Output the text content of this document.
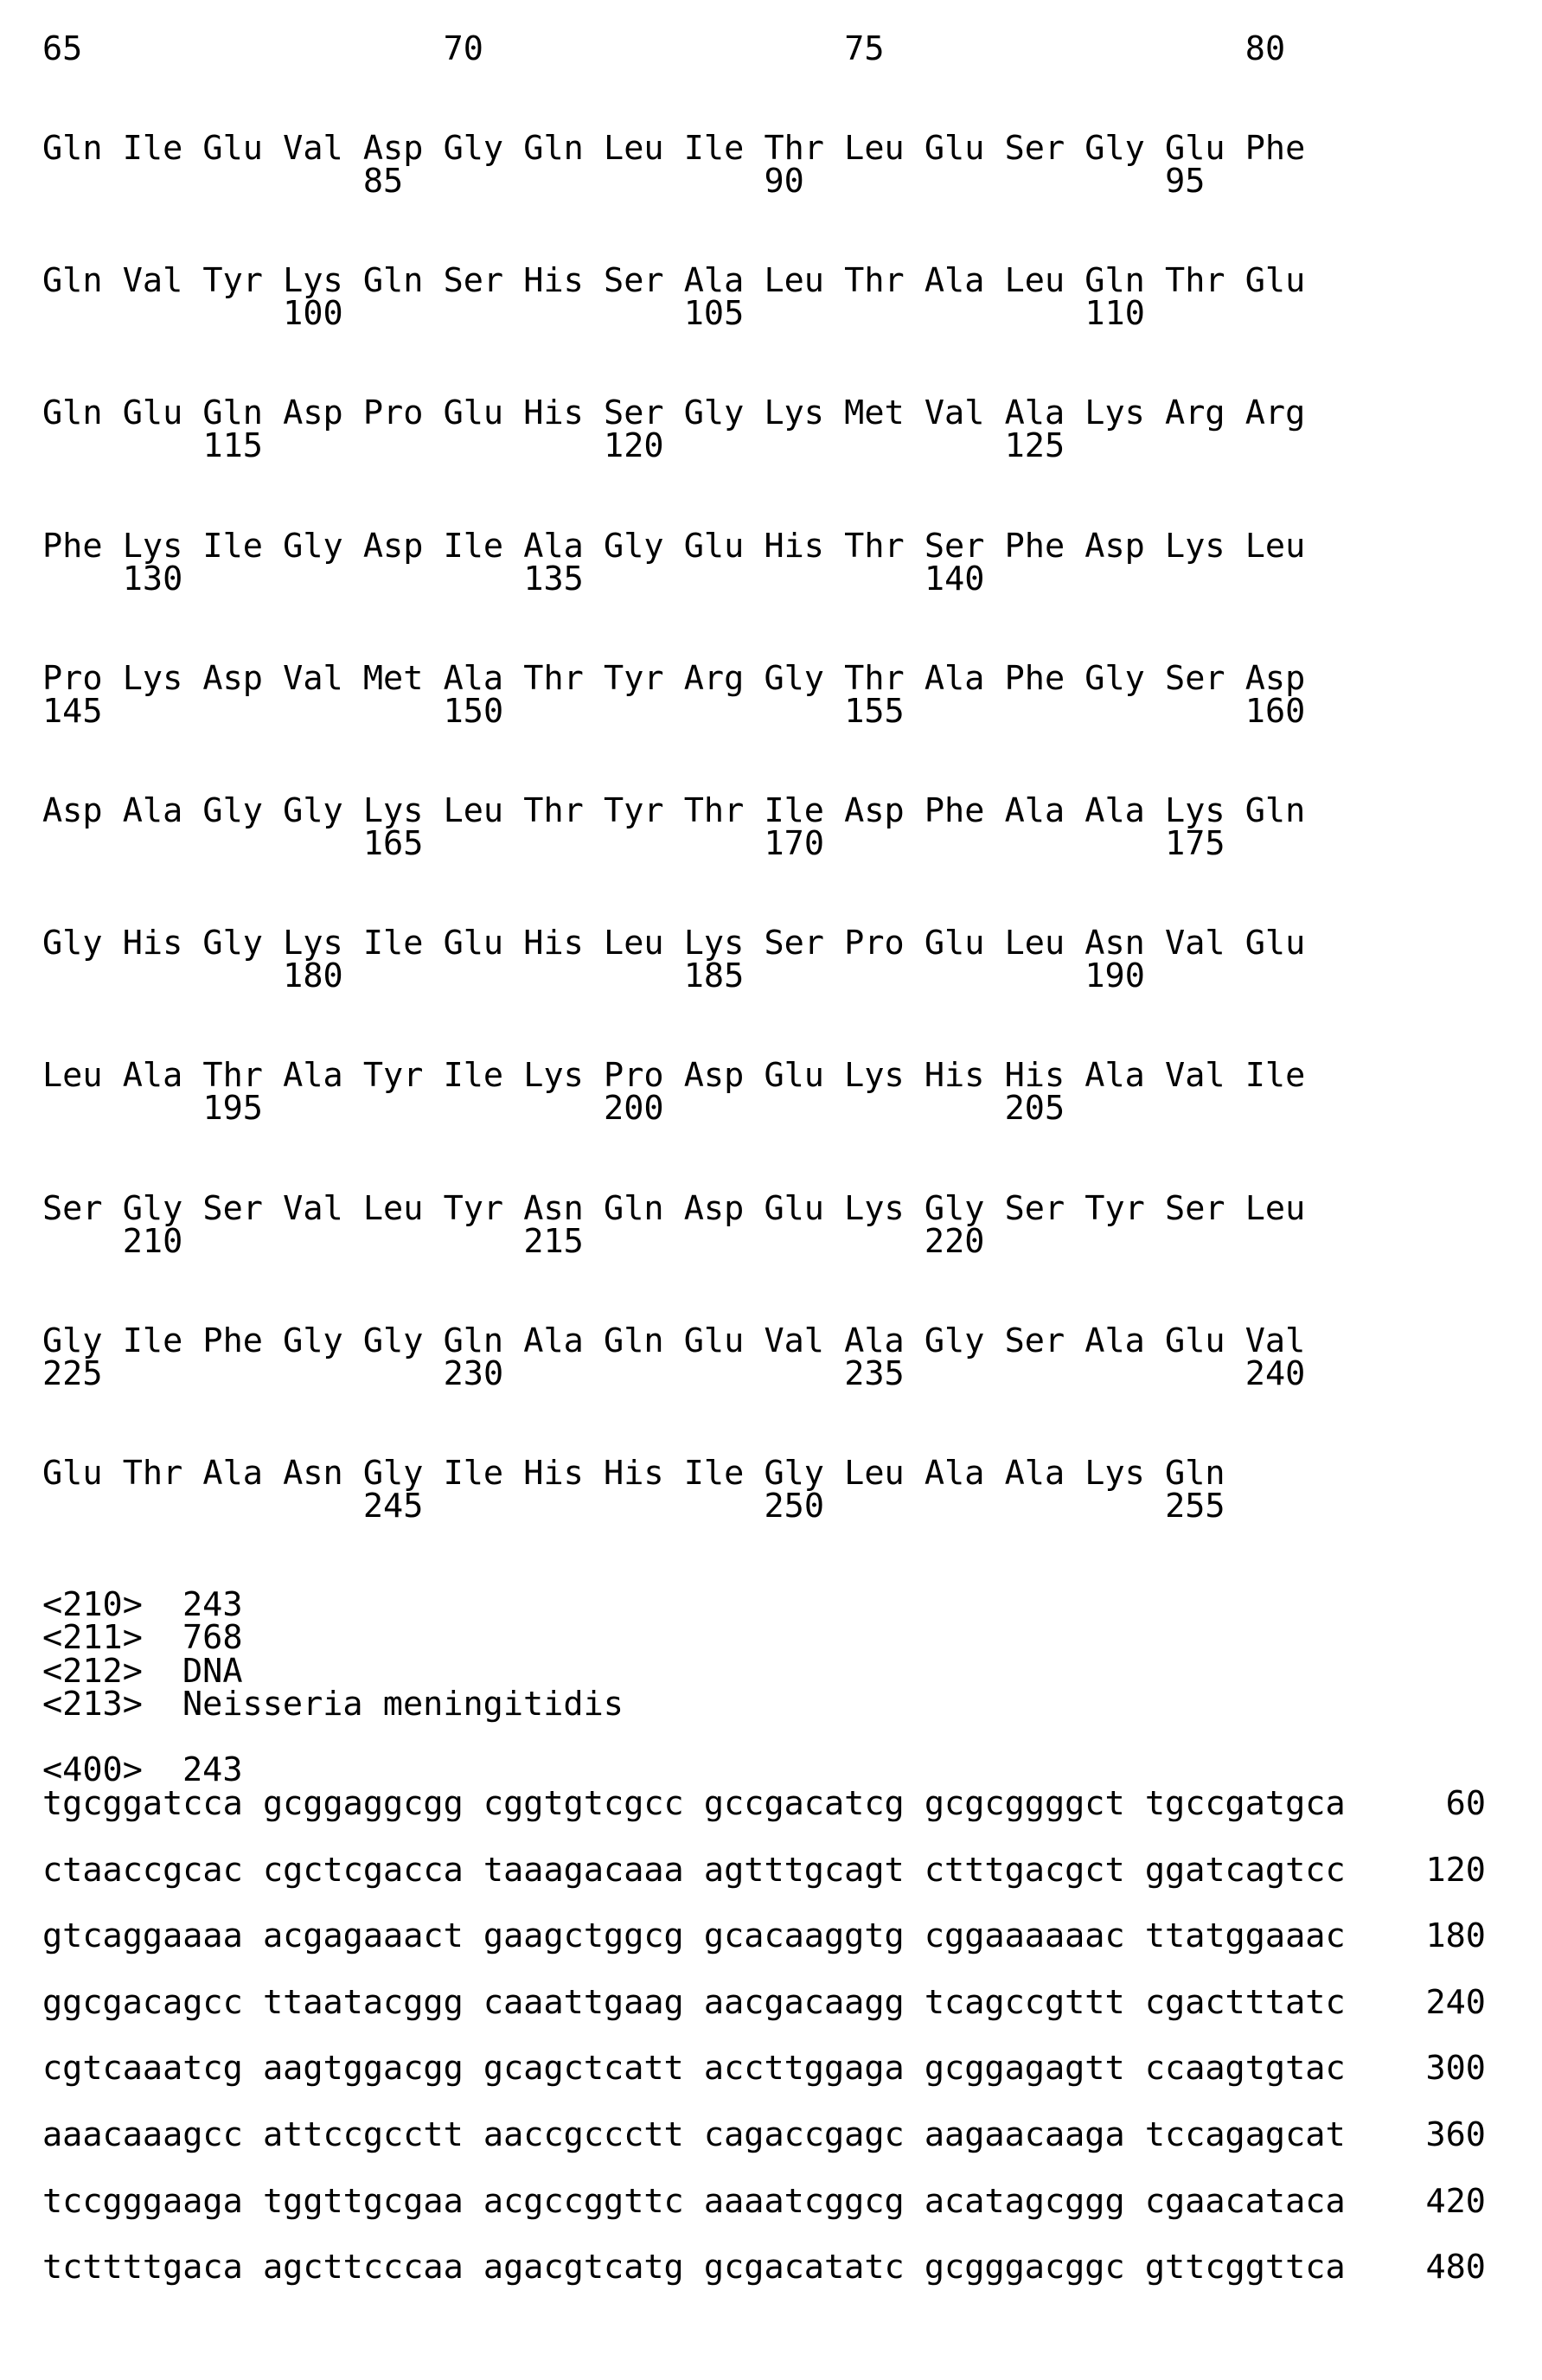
65	70	75	80
Gln Ile Glu Val Asp Gly Gln Leu Ile Thr Leu Glu Ser Gly Glu Phe
85	90	95
Gln Val Tyr Lys Gln Ser His Ser Ala Leu Thr Ala Leu Gln Thr Glu
100	105	110
Gln Glu Gln Asp Pro Glu His Ser Gly Lys Met Val Ala Lys Arg Arg
115	120	125
Phe Lys Ile Gly Asp Ile Ala Gly Glu His Thr Ser Phe Asp Lys Leu
130	135	140
Pro Lys Asp Val Met Ala Thr Tyr Arg Gly Thr Ala Phe Gly Ser Asp
145	150	155	160
Asp Ala Gly Gly Lys Leu Thr Tyr Thr Ile Asp Phe Ala Ala Lys Gln
165	170	175
Gly His Gly Lys Ile Glu His Leu Lys Ser Pro Glu Leu Asn Val Glu
180	185	190
Leu Ala Thr Ala Tyr Ile Lys Pro Asp Glu Lys His His Ala Val Ile
195	200	205
Ser Gly Ser Val Leu Tyr Asn Gln Asp Glu Lys Gly Ser Tyr Ser Leu
210	215	220
Gly Ile Phe Gly Gly Gln Ala Gln Glu Val Ala Gly Ser Ala Glu Val
225	230	235	240
Glu Thr Ala Asn Gly Ile His His Ile Gly Leu Ala Ala Lys Gln
245	250	255
<210> 243
<211> 768
<212> DNA
<213> Neisseria meningitidis
<400> 243
tgcggatcca gcggaggcgg cggtgtcgcc gccgacatcg gcgcggggct tgccgatgca	60
ctaaccgcac cgctcgacca taaagacaaa agtttgcagt ctttgacgct ggatcagtcc 120
gtcaggaaaa acgagaaact gaagctggcg gcacaaggtg cggaaaaaac ttatggaaac 180
ggcgacagcc ttaatacggg caaattgaag aacgacaagg tcagccgttt cgactttatc 240
cgtcaaatcg aagtggacgg gcagctcatt accttggaga gcggagagtt ccaagtgtac 300
aaacaaagcc attccgcctt aaccgccctt cagaccgagc aagaacaaga tccagagcat 360
tccgggaaga tggttgcgaa acgccggttc aaaatcggcg acatagcggg cgaacataca 420
tcttttgaca agcttcccaa agacgtcatg gcgacatatc gcgggacggc gttcggttca 480
